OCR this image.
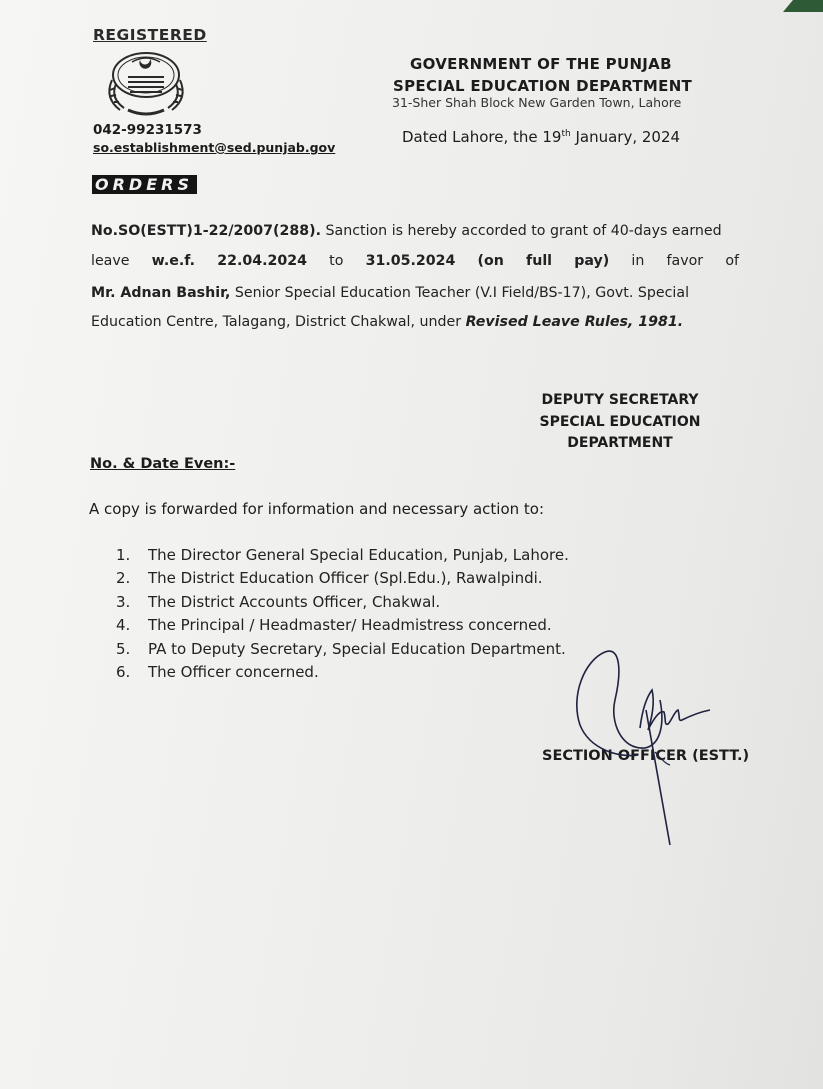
REGISTERED
GOVERNMENT OF THE PUNJAB
SPECIAL EDUCATION DEPARTMENT
31-Sher Shah Block New Garden Town, Lahore
042-99231573
so.establishment@sed.punjab.gov
Dated Lahore, the 19th January, 2024
ORDERS
No.SO(ESTT)1-22/2007(288). Sanction is hereby accorded to grant of 40-days earned
leave w.e.f. 22.04.2024 to 31.05.2024 (on full pay) in favor of
Mr. Adnan Bashir, Senior Special Education Teacher (V.I Field/BS-17), Govt. Special
Education Centre, Talagang, District Chakwal, under Revised Leave Rules, 1981.
DEPUTY SECRETARY
SPECIAL EDUCATION
DEPARTMENT
No. & Date Even:-
A copy is forwarded for information and necessary action to:
1. The Director General Special Education, Punjab, Lahore.
2. The District Education Officer (Spl.Edu.), Rawalpindi.
3. The District Accounts Officer, Chakwal.
4. The Principal / Headmaster/ Headmistress concerned.
5. PA to Deputy Secretary, Special Education Department.
6. The Officer concerned.
SECTION OFFICER (ESTT.)
